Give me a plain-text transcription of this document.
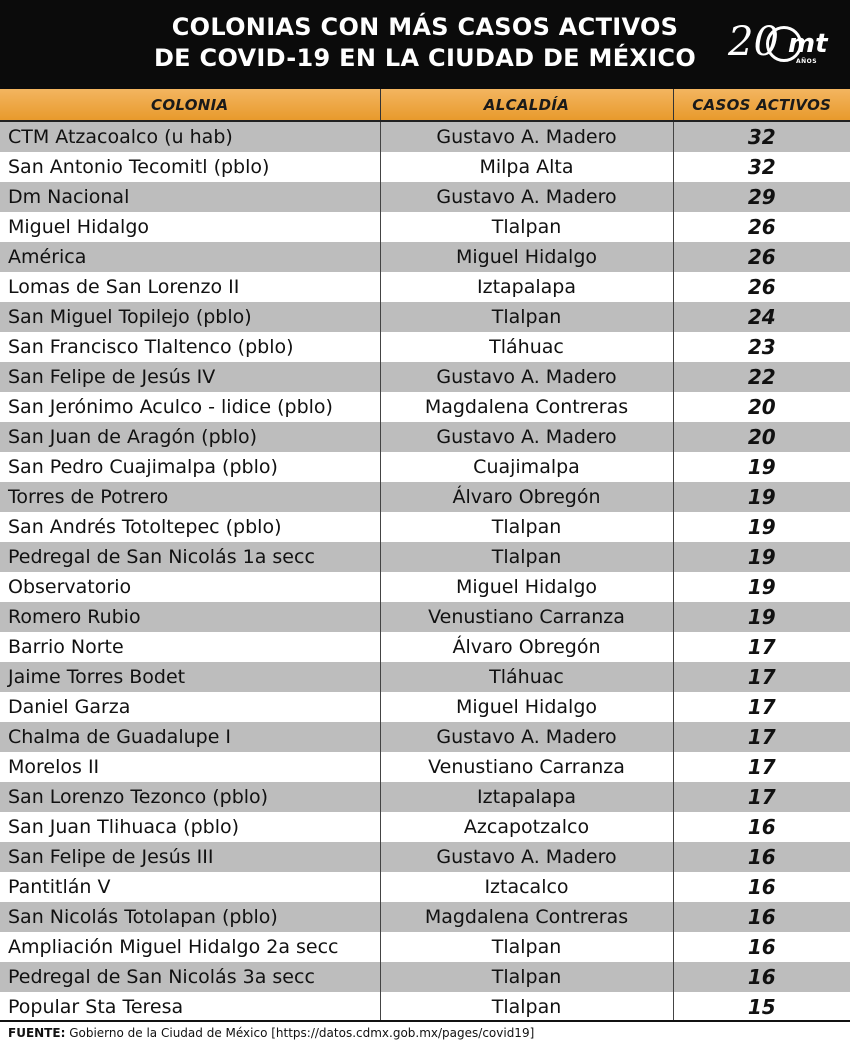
COLONIAS CON MÁS CASOS ACTIVOS
DE COVID-19 EN LA CIUDAD DE MÉXICO 20 mt
AÑOS
COLONIA	ALCALDÍA	CASOS ACTIVOS
CTM Atzacoalco (u hab)	Gustavo A. Madero	32
San Antonio Tecomitl (pblo)	Milpa Alta	32
Dm Nacional	Gustavo A. Madero	29
Miguel Hidalgo	Tlalpan	26
América	Miguel Hidalgo	26
Lomas de San Lorenzo II	Iztapalapa	26
San Miguel Topilejo (pblo)	Tlalpan	24
San Francisco Tlaltenco (pblo)	Tláhuac	23
San Felipe de Jesús IV	Gustavo A. Madero	22
San Jerónimo Aculco - lidice (pblo)	Magdalena Contreras	20
San Juan de Aragón (pblo)	Gustavo A. Madero	20
San Pedro Cuajimalpa (pblo)	Cuajimalpa	19
Torres de Potrero	Álvaro Obregón	19
San Andrés Totoltepec (pblo)	Tlalpan	19
Pedregal de San Nicolás 1a secc	Tlalpan	19
Observatorio	Miguel Hidalgo	19
Romero Rubio	Venustiano Carranza	19
Barrio Norte	Álvaro Obregón	17
Jaime Torres Bodet	Tláhuac	17
Daniel Garza	Miguel Hidalgo	17
Chalma de Guadalupe I	Gustavo A. Madero	17
Morelos II	Venustiano Carranza	17
San Lorenzo Tezonco (pblo)	Iztapalapa	17
San Juan Tlihuaca (pblo)	Azcapotzalco	16
San Felipe de Jesús III	Gustavo A. Madero	16
Pantitlán V	Iztacalco	16
San Nicolás Totolapan (pblo)	Magdalena Contreras	16
Ampliación Miguel Hidalgo 2a secc	Tlalpan	16
Pedregal de San Nicolás 3a secc	Tlalpan	16
Popular Sta Teresa	Tlalpan	15
FUENTE: Gobierno de la Ciudad de México [https://datos.cdmx.gob.mx/pages/covid19]
